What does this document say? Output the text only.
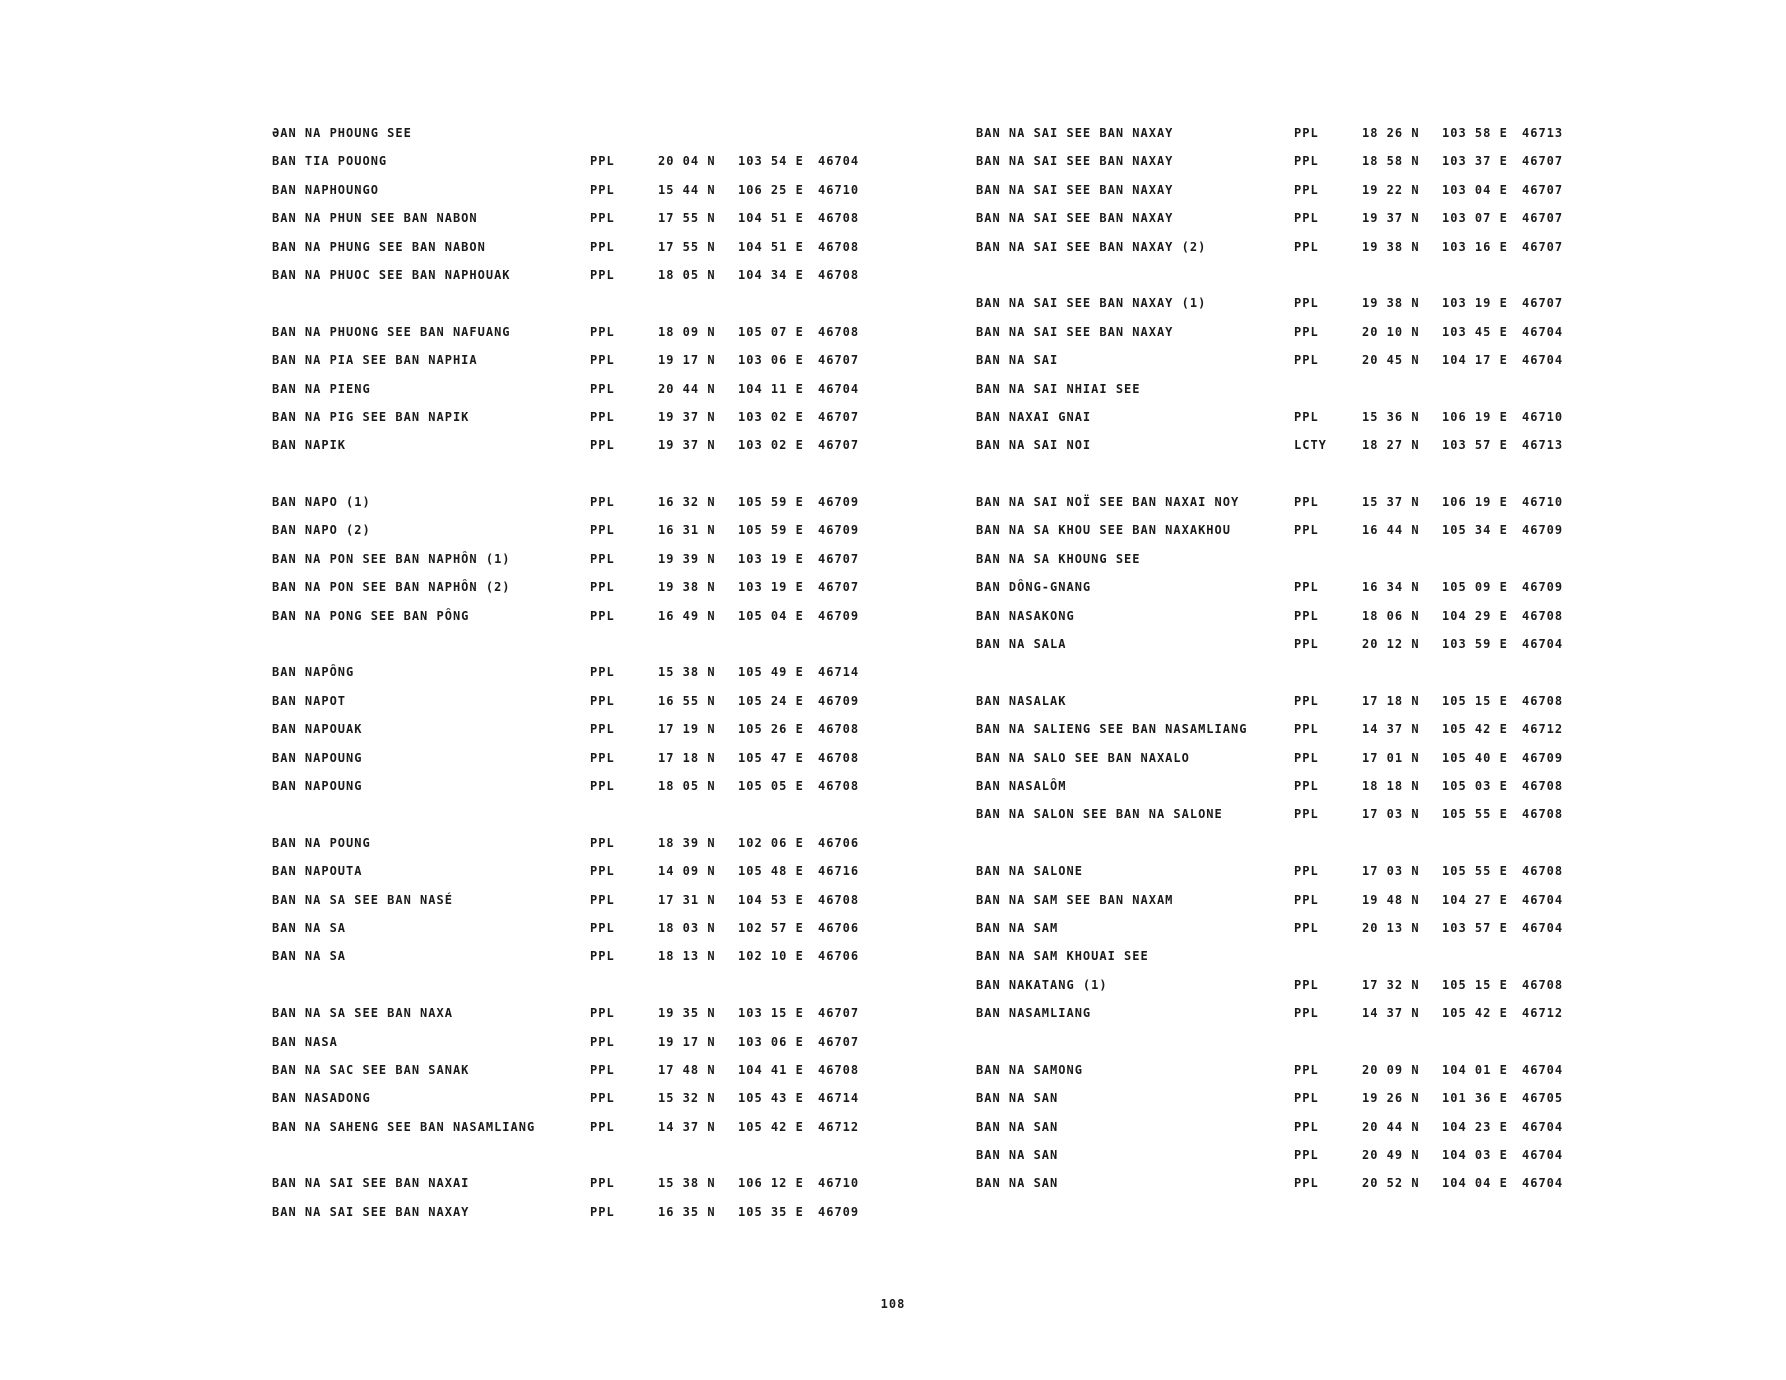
ƏAN NA PHOUNG SEE
BAN TIA POUONG	PPL	20 04 N 103 54 E 46704
BAN NAPHOUNGO	PPL	15 44 N 106 25 E 46710
BAN NA PHUN SEE BAN NABON	PPL	17 55 N 104 51 E 46708
BAN NA PHUNG SEE BAN NABON	PPL	17 55 N 104 51 E 46708
BAN NA PHUOC SEE BAN NAPHOUAK	PPL	18 05 N 104 34 E 46708
BAN NA PHUONG SEE BAN NAFUANG	PPL	18 09 N 105 07 E 46708
BAN NA PIA SEE BAN NAPHIA	PPL	19 17 N 103 06 E 46707
BAN NA PIENG	PPL	20 44 N 104 11 E 46704
BAN NA PIG SEE BAN NAPIK	PPL	19 37 N 103 02 E 46707
BAN NAPIK	PPL	19 37 N 103 02 E 46707
BAN NAPO (1)	PPL	16 32 N 105 59 E 46709
BAN NAPO (2)	PPL	16 31 N 105 59 E 46709
BAN NA PON SEE BAN NAPHÔN (1)	PPL	19 39 N 103 19 E 46707
BAN NA PON SEE BAN NAPHÔN (2)	PPL	19 38 N 103 19 E 46707
BAN NA PONG SEE BAN PÔNG	PPL	16 49 N 105 04 E 46709
BAN NAPÔNG	PPL	15 38 N 105 49 E 46714
BAN NAPOT	PPL	16 55 N 105 24 E 46709
BAN NAPOUAK	PPL	17 19 N 105 26 E 46708
BAN NAPOUNG	PPL	17 18 N 105 47 E 46708
BAN NAPOUNG	PPL	18 05 N 105 05 E 46708
BAN NA POUNG	PPL	18 39 N 102 06 E 46706
BAN NAPOUTA	PPL	14 09 N 105 48 E 46716
BAN NA SA SEE BAN NASÉ	PPL	17 31 N 104 53 E 46708
BAN NA SA	PPL	18 03 N 102 57 E 46706
BAN NA SA	PPL	18 13 N 102 10 E 46706
BAN NA SA SEE BAN NAXA	PPL	19 35 N 103 15 E 46707
BAN NASA	PPL	19 17 N 103 06 E 46707
BAN NA SAC SEE BAN SANAK	PPL	17 48 N 104 41 E 46708
BAN NASADONG	PPL	15 32 N 105 43 E 46714
BAN NA SAHENG SEE BAN NASAMLIANG	PPL	14 37 N 105 42 E 46712
BAN NA SAI SEE BAN NAXAI	PPL	15 38 N 106 12 E 46710
BAN NA SAI SEE BAN NAXAY	PPL	16 35 N 105 35 E 46709
BAN NA SAI SEE BAN NAXAY	PPL	18 26 N 103 58 E 46713
BAN NA SAI SEE BAN NAXAY	PPL	18 58 N 103 37 E 46707
BAN NA SAI SEE BAN NAXAY	PPL	19 22 N 103 04 E 46707
BAN NA SAI SEE BAN NAXAY	PPL	19 37 N 103 07 E 46707
BAN NA SAI SEE BAN NAXAY (2)	PPL	19 38 N 103 16 E 46707
BAN NA SAI SEE BAN NAXAY (1)	PPL	19 38 N 103 19 E 46707
BAN NA SAI SEE BAN NAXAY	PPL	20 10 N 103 45 E 46704
BAN NA SAI	PPL	20 45 N 104 17 E 46704
BAN NA SAI NHIAI SEE
BAN NAXAI GNAI	PPL	15 36 N 106 19 E 46710
BAN NA SAI NOI	LCTY	18 27 N 103 57 E 46713
BAN NA SAI NOÏ SEE BAN NAXAI NOY	PPL	15 37 N 106 19 E 46710
BAN NA SA KHOU SEE BAN NAXAKHOU	PPL	16 44 N 105 34 E 46709
BAN NA SA KHOUNG SEE
BAN DÔNG-GNANG	PPL	16 34 N 105 09 E 46709
BAN NASAKONG	PPL	18 06 N 104 29 E 46708
BAN NA SALA	PPL	20 12 N 103 59 E 46704
BAN NASALAK	PPL	17 18 N 105 15 E 46708
BAN NA SALIENG SEE BAN NASAMLIANG	PPL	14 37 N 105 42 E 46712
BAN NA SALO SEE BAN NAXALO	PPL	17 01 N 105 40 E 46709
BAN NASALÔM	PPL	18 18 N 105 03 E 46708
BAN NA SALON SEE BAN NA SALONE	PPL	17 03 N 105 55 E 46708
BAN NA SALONE	PPL	17 03 N 105 55 E 46708
BAN NA SAM SEE BAN NAXAM	PPL	19 48 N 104 27 E 46704
BAN NA SAM	PPL	20 13 N 103 57 E 46704
BAN NA SAM KHOUAI SEE
BAN NAKATANG (1)	PPL	17 32 N 105 15 E 46708
BAN NASAMLIANG	PPL	14 37 N 105 42 E 46712
BAN NA SAMONG	PPL	20 09 N 104 01 E 46704
BAN NA SAN	PPL	19 26 N 101 36 E 46705
BAN NA SAN	PPL	20 44 N 104 23 E 46704
BAN NA SAN	PPL	20 49 N 104 03 E 46704
BAN NA SAN	PPL	20 52 N 104 04 E 46704
108
